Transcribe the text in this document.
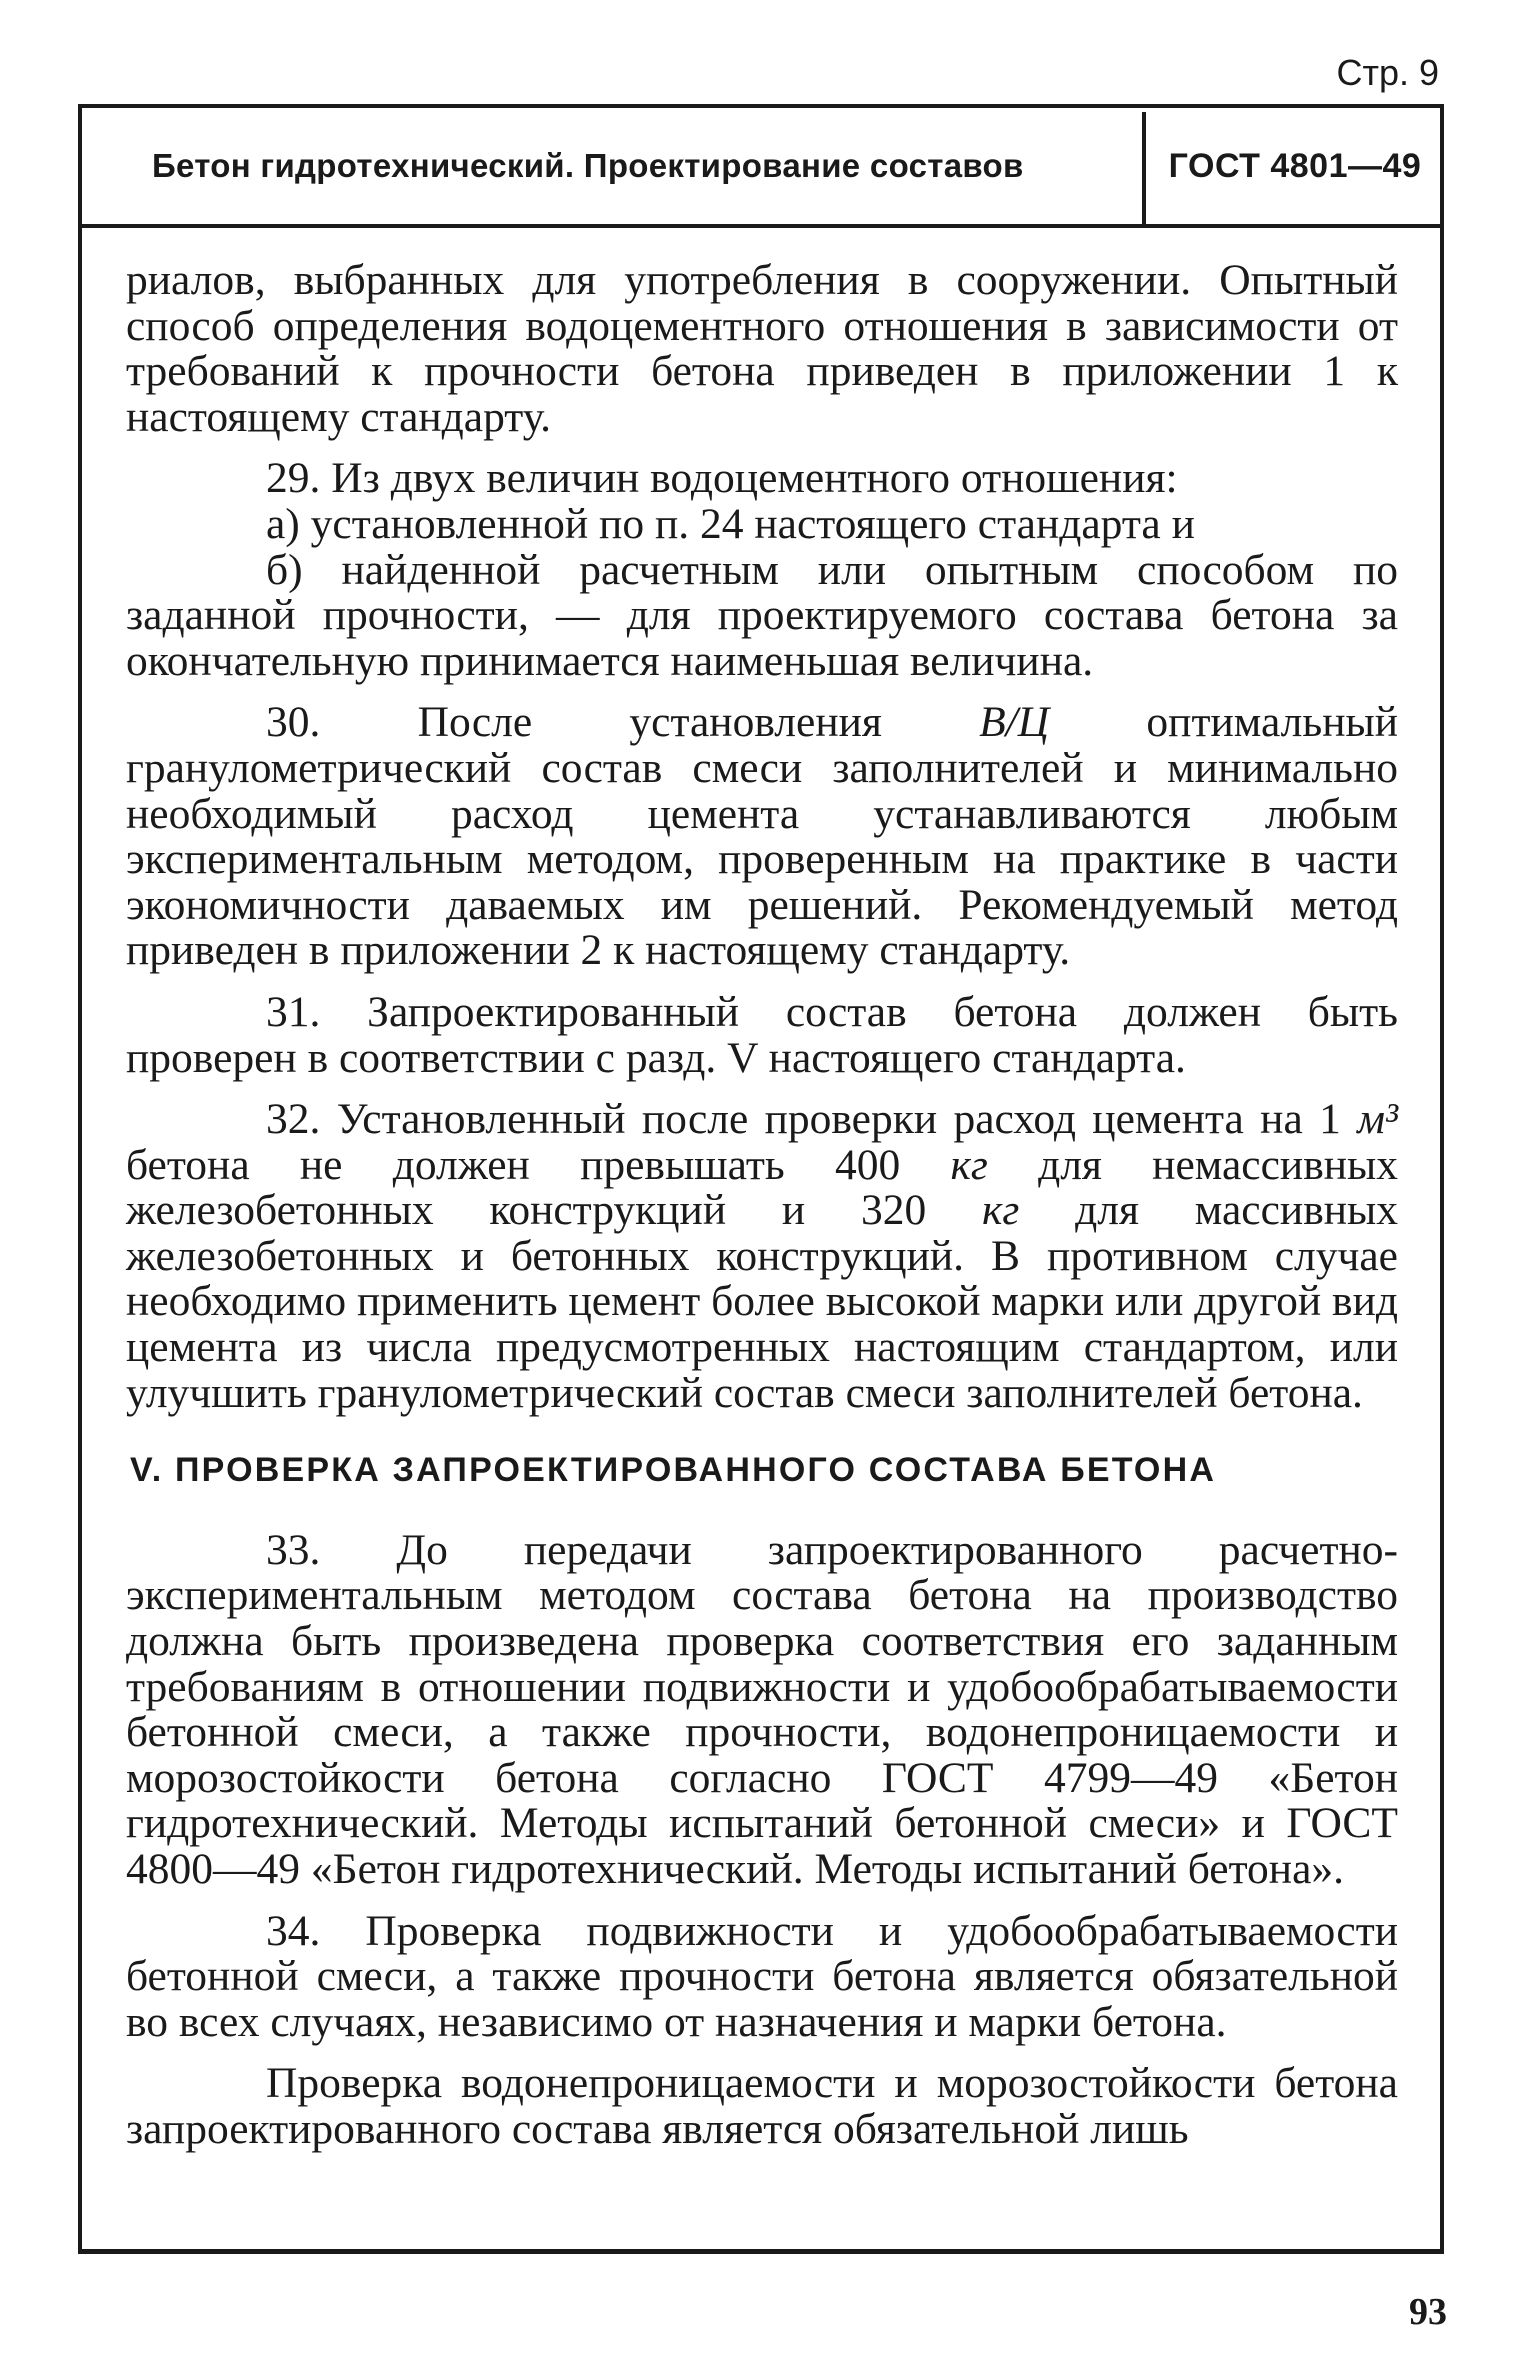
Стр. 9
Бетон гидротехнический. Проектирование составов	ГОСТ 4801—49

риалов, выбранных для употребления в сооружении. Опытный способ определения водоцементного отношения в зависимости от требований к прочности бетона приведен в приложении 1 к настоящему стандарту.

29. Из двух величин водоцементного отношения:

а) установленной по п. 24 настоящего стандарта и

б) найденной расчетным или опытным способом по заданной прочности, — для проектируемого состава бетона за окончательную принимается наименьшая величина.

30. После установления В/Ц оптимальный гранулометрический состав смеси заполнителей и минимально необходимый расход цемента устанавливаются любым экспериментальным методом, проверенным на практике в части экономичности даваемых им решений. Рекомендуемый метод приведен в приложении 2 к настоящему стандарту.

31. Запроектированный состав бетона должен быть проверен в соответствии с разд. V настоящего стандарта.

32. Установленный после проверки расход цемента на 1 м³ бетона не должен превышать 400 кг для немассивных железобетонных конструкций и 320 кг для массивных железобетонных и бетонных конструкций. В противном случае необходимо применить цемент более высокой марки или другой вид цемента из числа предусмотренных настоящим стандартом, или улучшить гранулометрический состав смеси заполнителей бетона.

V. ПРОВЕРКА ЗАПРОЕКТИРОВАННОГО СОСТАВА БЕТОНА

33. До передачи запроектированного расчетно-экспериментальным методом состава бетона на производство должна быть произведена проверка соответствия его заданным требованиям в отношении подвижности и удобообрабатываемости бетонной смеси, а также прочности, водонепроницаемости и морозостойкости бетона согласно ГОСТ 4799—49 «Бетон гидротехнический. Методы испытаний бетонной смеси» и ГОСТ 4800—49 «Бетон гидротехнический. Методы испытаний бетона».

34. Проверка подвижности и удобообрабатываемости бетонной смеси, а также прочности бетона является обязательной во всех случаях, независимо от назначения и марки бетона.

Проверка водонепроницаемости и морозостойкости бетона запроектированного состава является обязательной лишь

93
